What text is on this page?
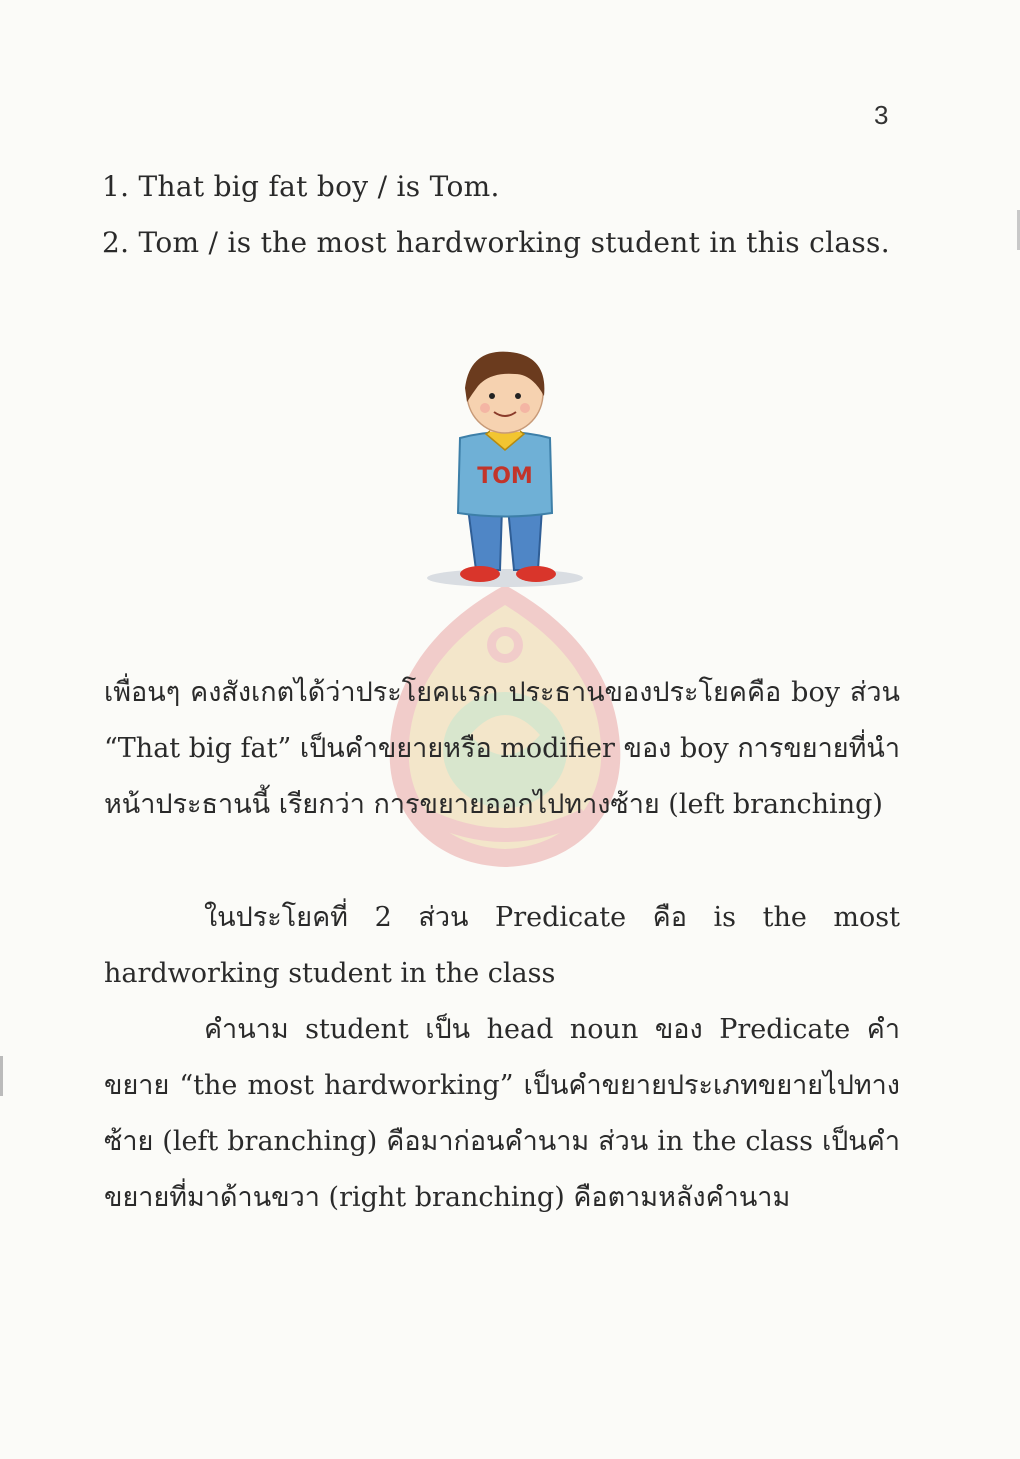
3
1. That big fat boy / is Tom.
2. Tom / is the most hardworking student in this class.
TOM

เพื่อนๆ คงสังเกตได้ว่าประโยคแรก ประธานของประโยคคือ boy ส่วน “That big fat” เป็นคำขยายหรือ modifier ของ boy การขยายที่นำหน้าประธานนี้ เรียกว่า การขยายออกไปทางซ้าย (left branching)

ในประโยคที่ 2 ส่วน Predicate คือ is the most hardworking student in the class

คำนาม student เป็น head noun ของ Predicate คำขยาย “the most hardworking” เป็นคำขยายประเภทขยายไปทางซ้าย (left branching) คือมาก่อนคำนาม ส่วน in the class เป็นคำขยายที่มาด้านขวา (right branching) คือตามหลังคำนาม
